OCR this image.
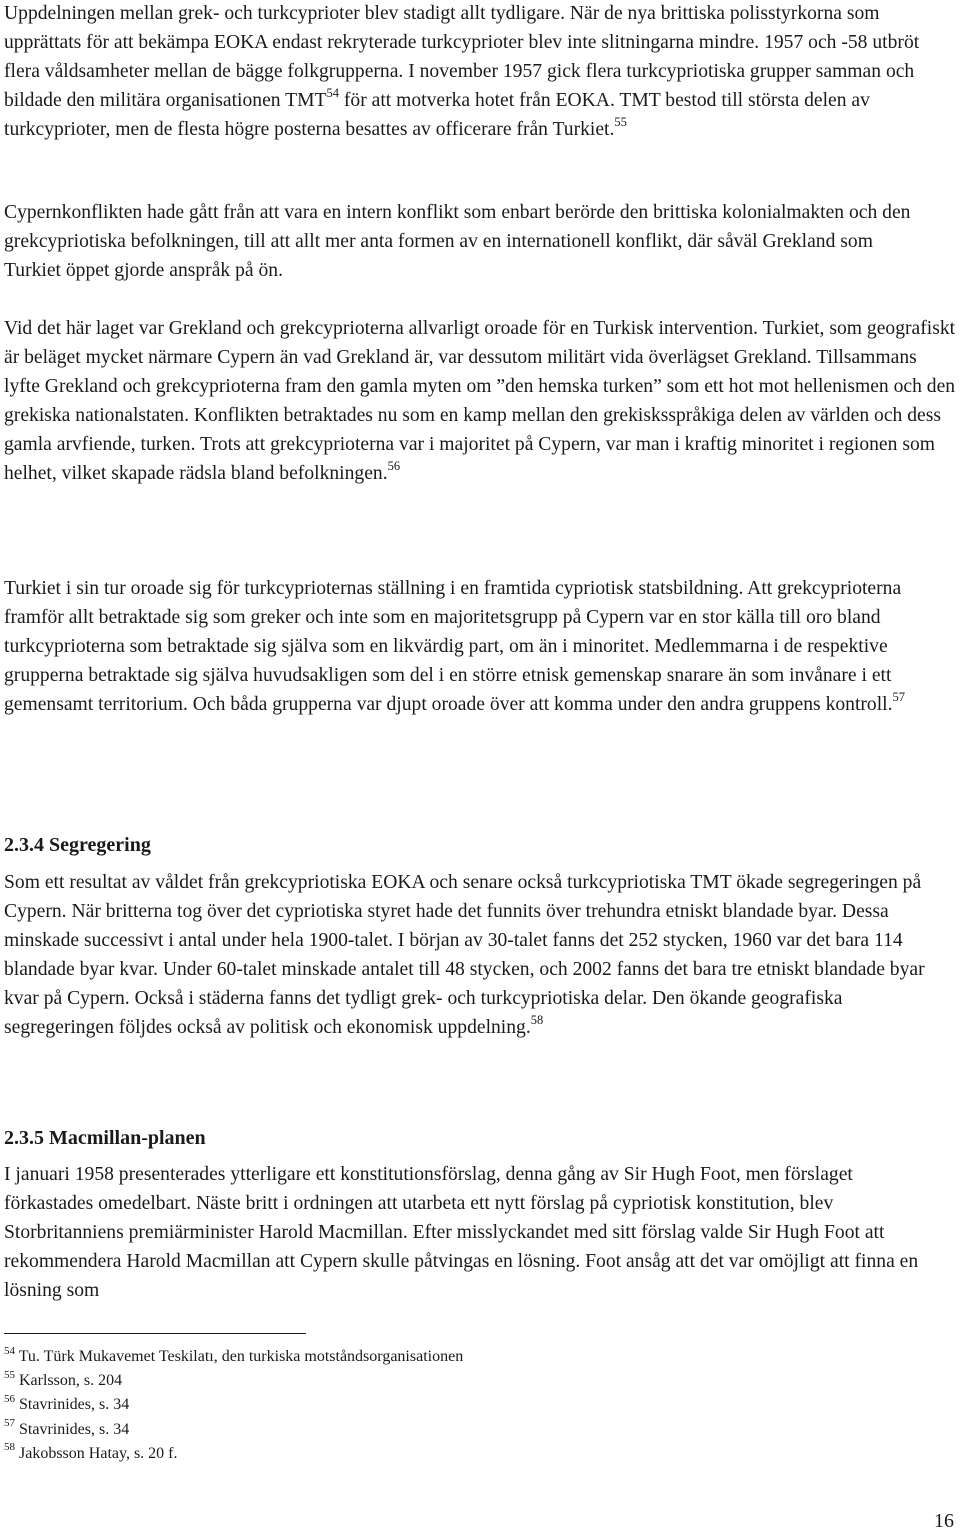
Uppdelningen mellan grek- och turkcyprioter blev stadigt allt tydligare. När de nya brittiska polisstyrkorna som upprättats för att bekämpa EOKA endast rekryterade turkcyprioter blev inte slitningarna mindre. 1957 och -58 utbröt flera våldsamheter mellan de bägge folkgrupperna. I november 1957 gick flera turkcypriotiska grupper samman och bildade den militära organisationen TMT$^{54}$ för att motverka hotet från EOKA. TMT bestod till största delen av turkcyprioter, men de flesta högre posterna besattes av officerare från Turkiet.$^{55}$

Cypernkonflikten hade gått från att vara en intern konflikt som enbart berörde den brittiska kolonialmakten och den grekcypriotiska befolkningen, till att allt mer anta formen av en internationell konflikt, där såväl Grekland som Turkiet öppet gjorde anspråk på ön.

Vid det här laget var Grekland och grekcyprioterna allvarligt oroade för en Turkisk intervention. Turkiet, som geografiskt är beläget mycket närmare Cypern än vad Grekland är, var dessutom militärt vida överlägset Grekland. Tillsammans lyfte Grekland och grekcyprioterna fram den gamla myten om ”den hemska turken” som ett hot mot hellenismen och den grekiska nationalstaten. Konflikten betraktades nu som en kamp mellan den grekisksspråkiga delen av världen och dess gamla arvfiende, turken. Trots att grekcyprioterna var i majoritet på Cypern, var man i kraftig minoritet i regionen som helhet, vilket skapade rädsla bland befolkningen.$^{56}$

Turkiet i sin tur oroade sig för turkcyprioternas ställning i en framtida cypriotisk statsbildning. Att grekcyprioterna framför allt betraktade sig som greker och inte som en majoritetsgrupp på Cypern var en stor källa till oro bland turkcyprioterna som betraktade sig själva som en likvärdig part, om än i minoritet. Medlemmarna i de respektive grupperna betraktade sig själva huvudsakligen som del i en större etnisk gemenskap snarare än som invånare i ett gemensamt territorium. Och båda grupperna var djupt oroade över att komma under den andra gruppens kontroll.$^{57}$

2.3.4 Segregering

Som ett resultat av våldet från grekcypriotiska EOKA och senare också turkcypriotiska TMT ökade segregeringen på Cypern. När britterna tog över det cypriotiska styret hade det funnits över trehundra etniskt blandade byar. Dessa minskade successivt i antal under hela 1900-talet. I början av 30-talet fanns det 252 stycken, 1960 var det bara 114 blandade byar kvar. Under 60-talet minskade antalet till 48 stycken, och 2002 fanns det bara tre etniskt blandade byar kvar på Cypern. Också i städerna fanns det tydligt grek- och turkcypriotiska delar. Den ökande geografiska segregeringen följdes också av politisk och ekonomisk uppdelning.$^{58}$

2.3.5 Macmillan-planen

I januari 1958 presenterades ytterligare ett konstitutionsförslag, denna gång av Sir Hugh Foot, men förslaget förkastades omedelbart. Näste britt i ordningen att utarbeta ett nytt förslag på cypriotisk konstitution, blev Storbritanniens premiärminister Harold Macmillan. Efter misslyckandet med sitt förslag valde Sir Hugh Foot att rekommendera Harold Macmillan att Cypern skulle påtvingas en lösning. Foot ansåg att det var omöjligt att finna en lösning som

$^{54}$ Tu. Türk Mukavemet Teskilatı, den turkiska motståndsorganisationen

$^{55}$ Karlsson, s. 204

$^{56}$ Stavrinides, s. 34

$^{57}$ Stavrinides, s. 34

$^{58}$ Jakobsson Hatay, s. 20 f.

16
